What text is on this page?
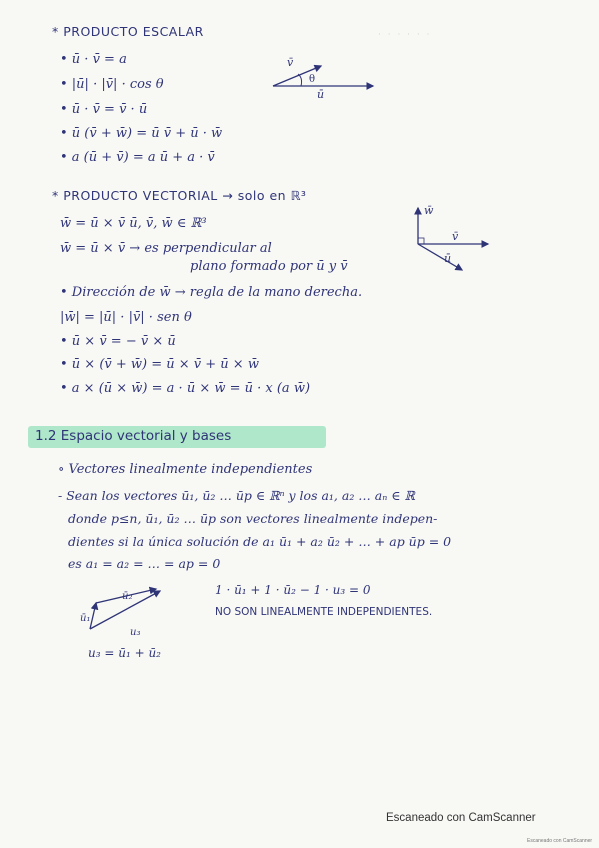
· · · · · ·
* PRODUCTO ESCALAR
• ū · v̄ = a
• |ū| · |v̄| · cos θ
• ū · v̄ = v̄ · ū
• ū (v̄ + w̄) = ū v̄ + ū · w̄
• a (ū + v̄) = a ū + a · v̄
v̄
θ
ū
* PRODUCTO VECTORIAL → solo en ℝ³
w̄ = ū × v̄ ū, v̄, w̄ ∈ ℝ³
w̄ = ū × v̄ → es perpendicular al
plano formado por ū y v̄
• Dirección de w̄ → regla de la mano derecha.
|w̄| = |ū| · |v̄| · sen θ
• ū × v̄ = − v̄ × ū
• ū × (v̄ + w̄) = ū × v̄ + ū × w̄
• a × (ū × w̄) = a · ū × w̄ = ū · x (a w̄)
w̄
v̄
ū
1.2 Espacio vectorial y bases
∘ Vectores linealmente independientes
- Sean los vectores ū₁, ū₂ … ūp ∈ ℝⁿ y los a₁, a₂ … aₙ ∈ ℝ
donde p≤n, ū₁, ū₂ … ūp son vectores linealmente indepen-
dientes si la única solución de a₁ ū₁ + a₂ ū₂ + … + ap ūp = 0
es a₁ = a₂ = … = ap = 0
ū₁
ū₂
u₃
u₃ = ū₁ + ū₂
1 · ū₁ + 1 · ū₂ − 1 · u₃ = 0
NO SON LINEALMENTE INDEPENDIENTES.
Escaneado con CamScanner
Escaneado con CamScanner
